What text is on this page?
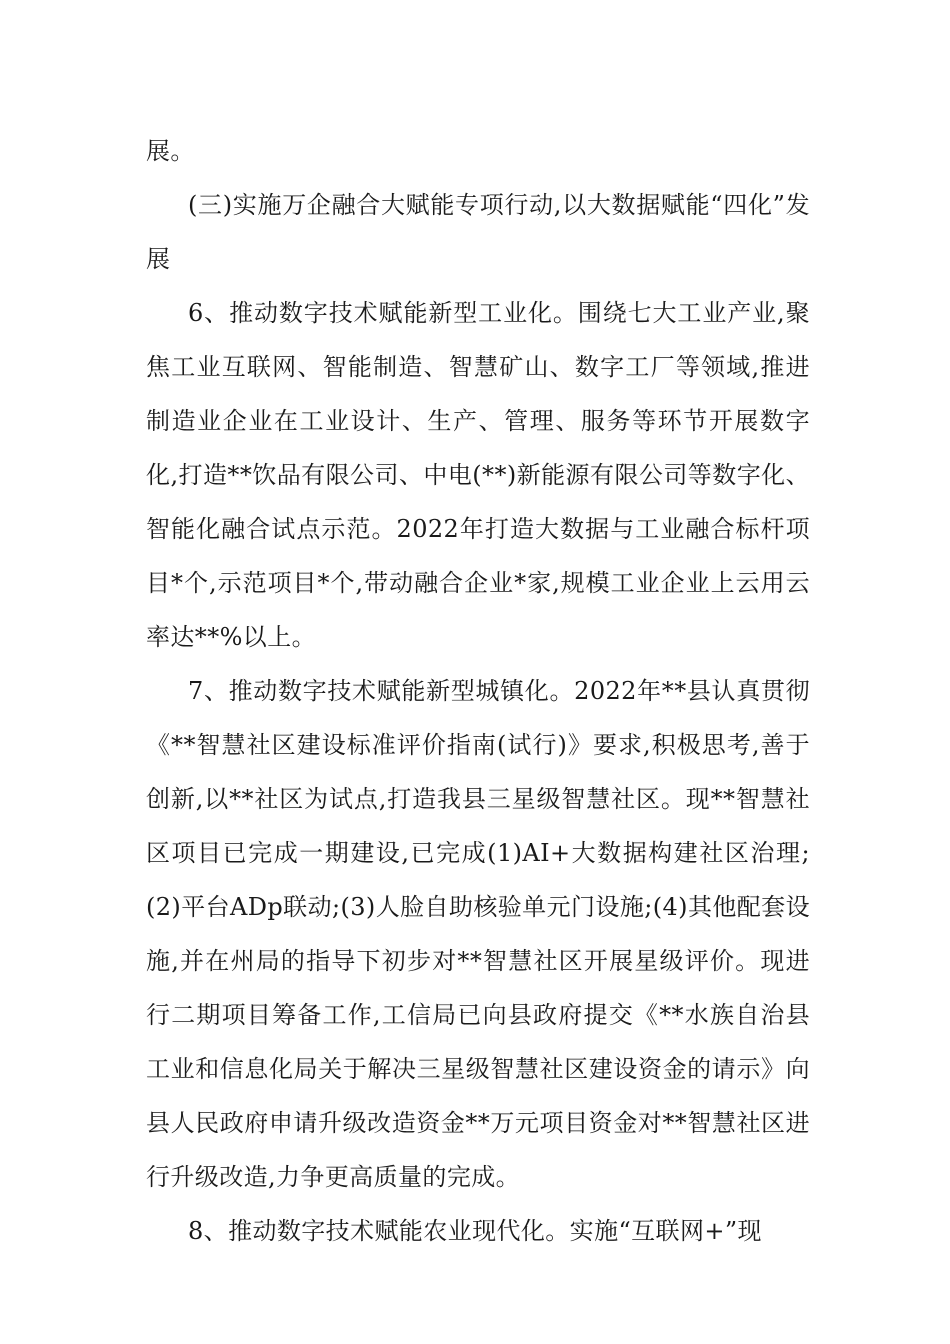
展。

(三)实施万企融合大赋能专项行动,以大数据赋能“四化”发展

6、推动数字技术赋能新型工业化。围绕七大工业产业,聚焦工业互联网、智能制造、智慧矿山、数字工厂等领域,推进制造业企业在工业设计、生产、管理、服务等环节开展数字化,打造**饮品有限公司、中电(**)新能源有限公司等数字化、智能化融合试点示范。2022年打造大数据与工业融合标杆项目*个,示范项目*个,带动融合企业*家,规模工业企业上云用云率达**%以上。

7、推动数字技术赋能新型城镇化。2022年**县认真贯彻《**智慧社区建设标准评价指南(试行)》要求,积极思考,善于创新,以**社区为试点,打造我县三星级智慧社区。现**智慧社区项目已完成一期建设,已完成(1)AI+大数据构建社区治理;(2)平台ADp联动;(3)人脸自助核验单元门设施;(4)其他配套设施,并在州局的指导下初步对**智慧社区开展星级评价。现进行二期项目筹备工作,工信局已向县政府提交《**水族自治县工业和信息化局关于解决三星级智慧社区建设资金的请示》向县人民政府申请升级改造资金**万元项目资金对**智慧社区进行升级改造,力争更高质量的完成。

8、推动数字技术赋能农业现代化。实施“互联网+”现
